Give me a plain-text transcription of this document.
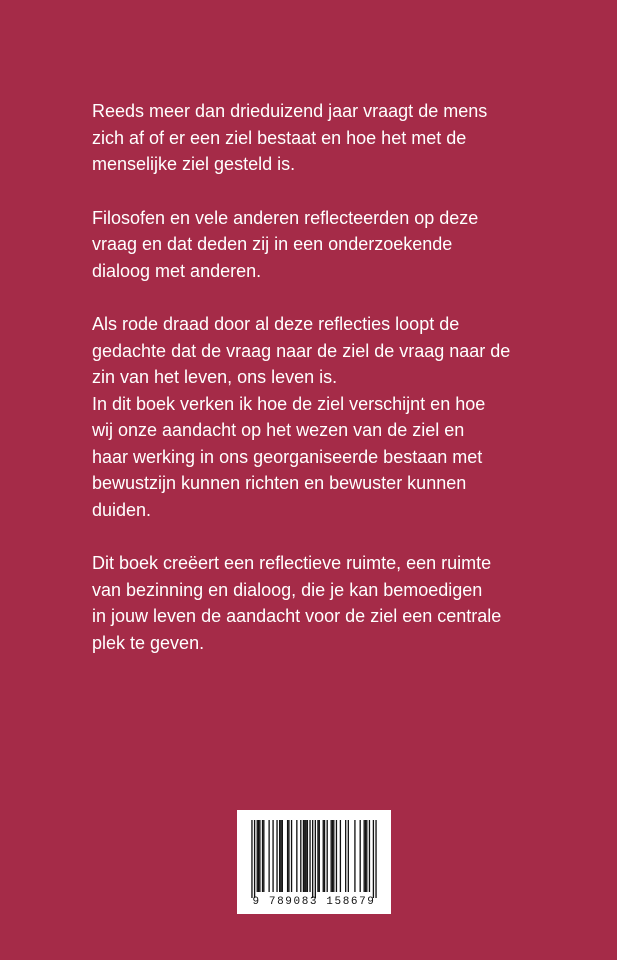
Reeds meer dan drieduizend jaar vraagt de mens
zich af of er een ziel bestaat en hoe het met de
menselijke ziel gesteld is.

Filosofen en vele anderen reflecteerden op deze
vraag en dat deden zij in een onderzoekende
dialoog met anderen.

Als rode draad door al deze reflecties loopt de
gedachte dat de vraag naar de ziel de vraag naar de
zin van het leven, ons leven is.

In dit boek verken ik hoe de ziel verschijnt en hoe
wij onze aandacht op het wezen van de ziel en
haar werking in ons georganiseerde bestaan met
bewustzijn kunnen richten en bewuster kunnen
duiden.

Dit boek creëert een reflectieve ruimte, een ruimte
van bezinning en dialoog, die je kan bemoedigen
in jouw leven de aandacht voor de ziel een centrale
plek te geven.

9 789083 158679
